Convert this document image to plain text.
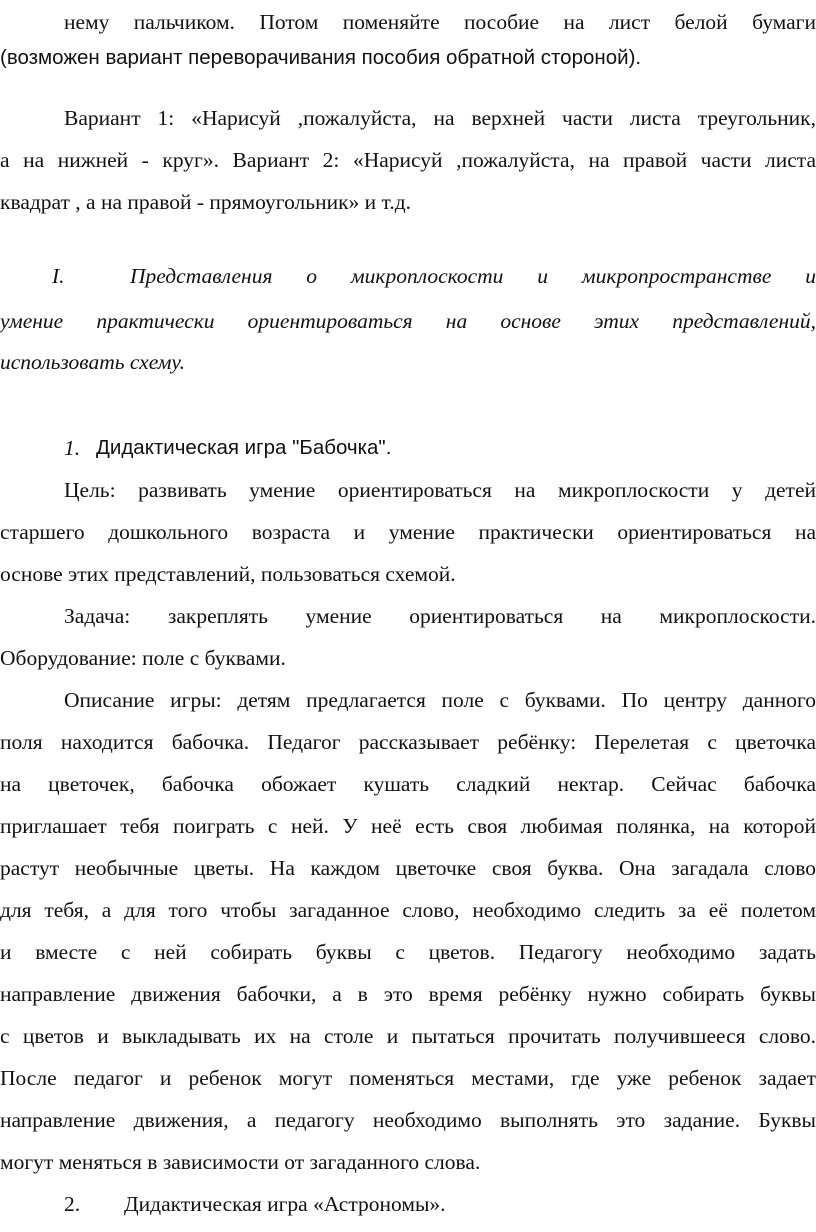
нему пальчиком. Потом поменяйте пособие на лист белой бумаги
(возможен вариант переворачивания пособия обратной стороной).
Вариант 1: «Нарисуй ,пожалуйста, на верхней части листа треугольник,
а на нижней - круг». Вариант 2: «Нарисуй ,пожалуйста, на правой части листа
квадрат , а на правой - прямоугольник» и т.д.
I.	Представления о микроплоскости и микропространстве и
умение практически ориентироваться на основе этих представлений,
использовать схему.
1. Дидактическая игра "Бабочка".
Цель: развивать умение ориентироваться на микроплоскости у детей
старшего дошкольного возраста и умение практически ориентироваться на
основе этих представлений, пользоваться схемой.
Задача: закреплять умение ориентироваться на микроплоскости.
Оборудование: поле с буквами.
Описание игры: детям предлагается поле с буквами. По центру данного
поля находится бабочка. Педагог рассказывает ребёнку: Перелетая с цветочка
на цветочек, бабочка обожает кушать сладкий нектар. Сейчас бабочка
приглашает тебя поиграть с ней. У неё есть своя любимая полянка, на которой
растут необычные цветы. На каждом цветочке своя буква. Она загадала слово
для тебя, а для того чтобы загаданное слово, необходимо следить за её полетом
и вместе с ней собирать буквы с цветов. Педагогу необходимо задать
направление движения бабочки, а в это время ребёнку нужно собирать буквы
с цветов и выкладывать их на столе и пытаться прочитать получившееся слово.
После педагог и ребенок могут поменяться местами, где уже ребенок задает
направление движения, а педагогу необходимо выполнять это задание. Буквы
могут меняться в зависимости от загаданного слова.
2. Дидактическая игра «Астрономы».
